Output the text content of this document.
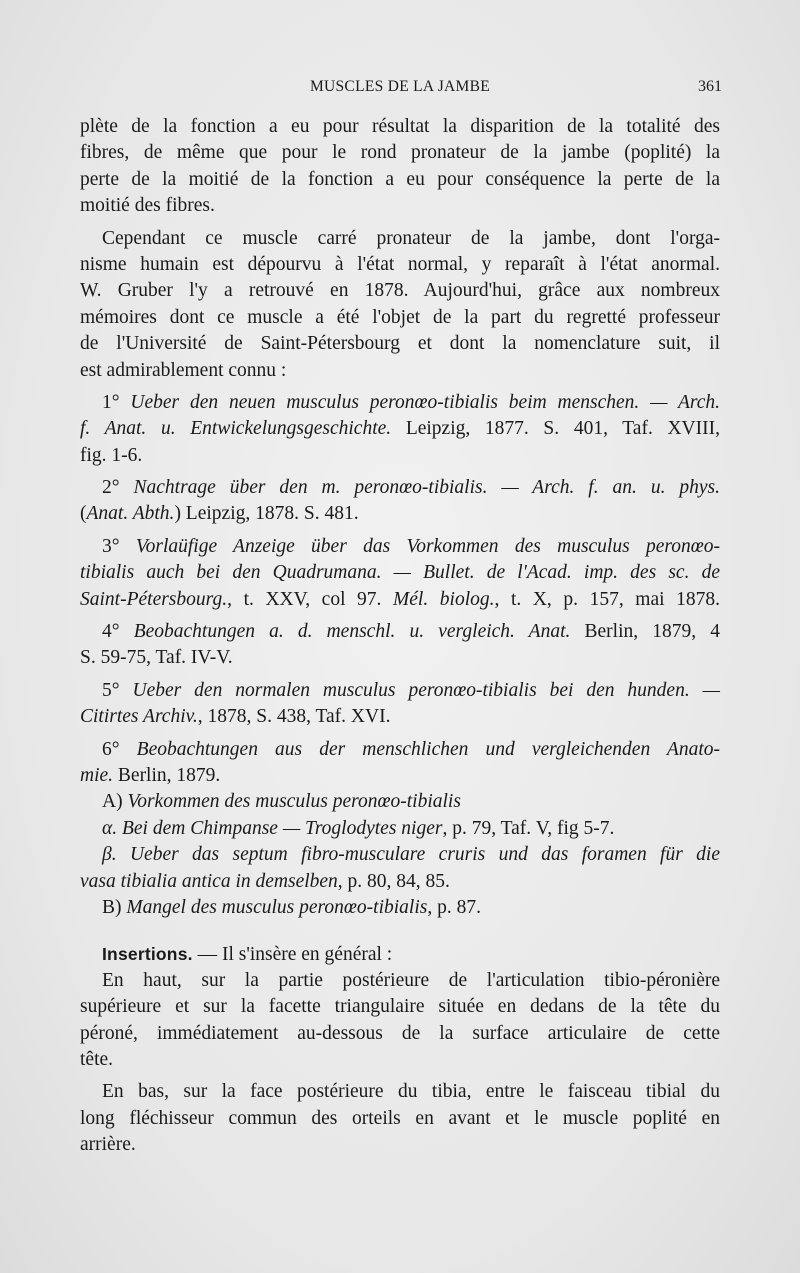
MUSCLES DE LA JAMBE	361
plète de la fonction a eu pour résultat la disparition de la totalité des
fibres, de même que pour le rond pronateur de la jambe (poplité) la
perte de la moitié de la fonction a eu pour conséquence la perte de la
moitié des fibres.
Cependant ce muscle carré pronateur de la jambe, dont l'orga-
nisme humain est dépourvu à l'état normal, y reparaît à l'état anormal.
W. Gruber l'y a retrouvé en 1878. Aujourd'hui, grâce aux nombreux
mémoires dont ce muscle a été l'objet de la part du regretté professeur
de l'Université de Saint-Pétersbourg et dont la nomenclature suit, il
est admirablement connu :
1° Ueber den neuen musculus peronœo-tibialis beim menschen. — Arch.
f. Anat. u. Entwickelungsgeschichte. Leipzig, 1877. S. 401, Taf. XVIII,
fig. 1-6.
2° Nachtrage über den m. peronœo-tibialis. — Arch. f. an. u. phys.
(Anat. Abth.) Leipzig, 1878. S. 481.
3° Vorlaüfige Anzeige über das Vorkommen des musculus peronœo-
tibialis auch bei den Quadrumana. — Bullet. de l'Acad. imp. des sc. de
Saint-Pétersbourg., t. XXV, col 97. Mél. biolog., t. X, p. 157, mai 1878.
4° Beobachtungen a. d. menschl. u. vergleich. Anat. Berlin, 1879, 4
S. 59-75, Taf. IV-V.
5° Ueber den normalen musculus peronœo-tibialis bei den hunden. —
Citirtes Archiv., 1878, S. 438, Taf. XVI.
6° Beobachtungen aus der menschlichen und vergleichenden Anato-
mie. Berlin, 1879.
A) Vorkommen des musculus peronœo-tibialis
α. Bei dem Chimpanse — Troglodytes niger, p. 79, Taf. V, fig 5-7.
β. Ueber das septum fibro-musculare cruris und das foramen für die
vasa tibialia antica in demselben, p. 80, 84, 85.
B) Mangel des musculus peronœo-tibialis, p. 87.
Insertions. — Il s'insère en général :
En haut, sur la partie postérieure de l'articulation tibio-péronière
supérieure et sur la facette triangulaire située en dedans de la tête du
péroné, immédiatement au-dessous de la surface articulaire de cette
tête.
En bas, sur la face postérieure du tibia, entre le faisceau tibial du
long fléchisseur commun des orteils en avant et le muscle poplité en
arrière.
